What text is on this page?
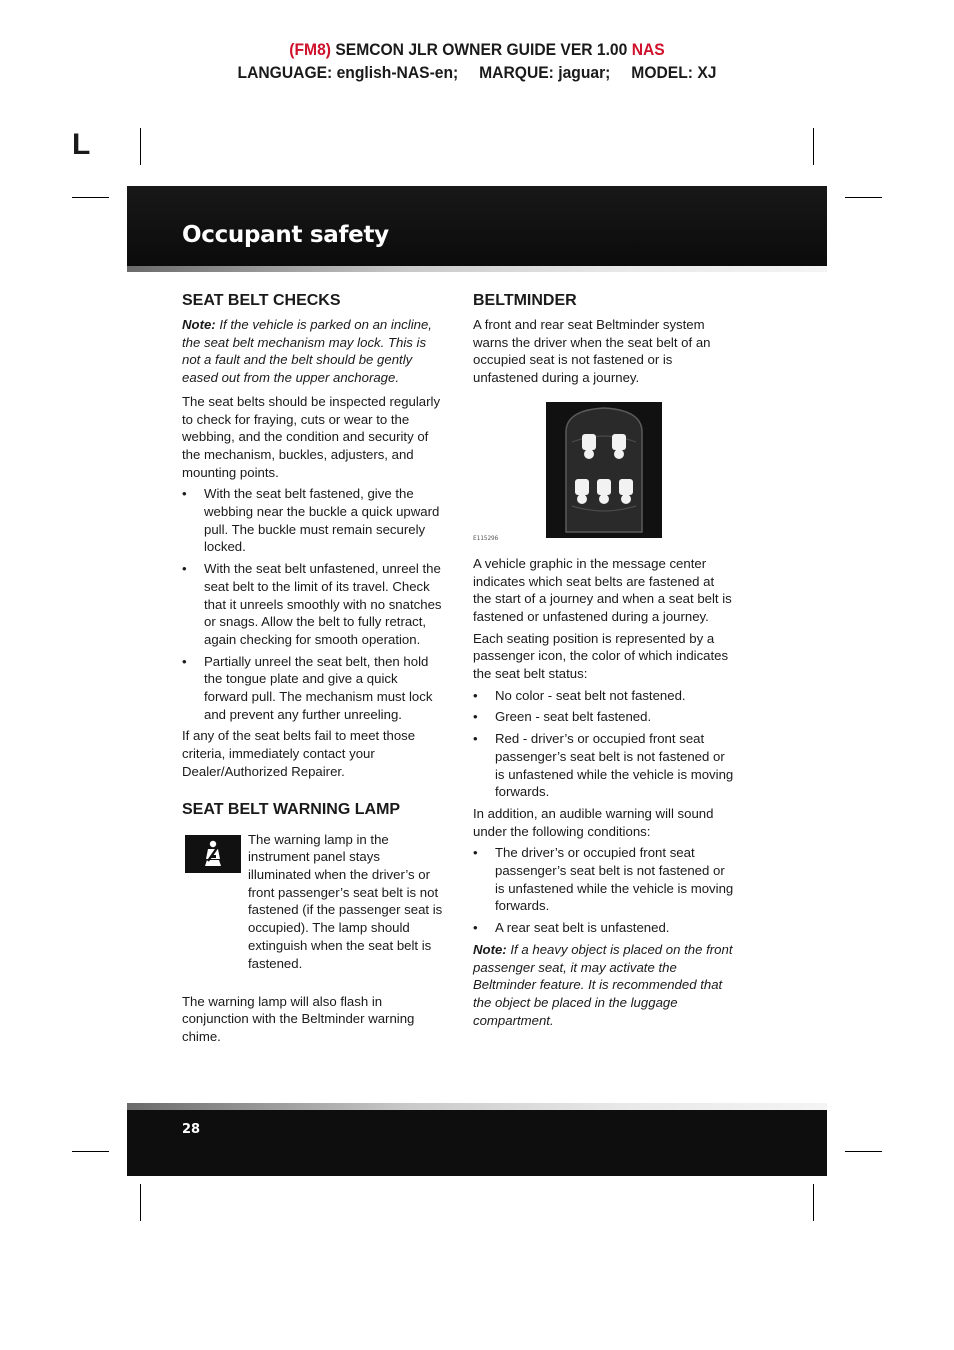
(FM8) SEMCON JLR OWNER GUIDE VER 1.00 NAS
LANGUAGE: english-NAS-en; MARQUE: jaguar; MODEL: XJ
L
Occupant safety
SEAT BELT CHECKS

Note: If the vehicle is parked on an incline, the seat belt mechanism may lock. This is not a fault and the belt should be gently eased out from the upper anchorage.

The seat belts should be inspected regularly to check for fraying, cuts or wear to the webbing, and the condition and security of the mechanism, buckles, adjusters, and mounting points.

• With the seat belt fastened, give the webbing near the buckle a quick upward pull. The buckle must remain securely locked.
• With the seat belt unfastened, unreel the seat belt to the limit of its travel. Check that it unreels smoothly with no snatches or snags. Allow the belt to fully retract, again checking for smooth operation.
• Partially unreel the seat belt, then hold the tongue plate and give a quick forward pull. The mechanism must lock and prevent any further unreeling.

If any of the seat belts fail to meet those criteria, immediately contact your Dealer/Authorized Repairer.

SEAT BELT WARNING LAMP
The warning lamp in the instrument panel stays illuminated when the driver’s or front passenger’s seat belt is not fastened (if the passenger seat is occupied). The lamp should extinguish when the seat belt is fastened.

The warning lamp will also flash in conjunction with the Beltminder warning chime.

BELTMINDER

A front and rear seat Beltminder system warns the driver when the seat belt of an occupied seat is not fastened or is unfastened during a journey.

E115296

A vehicle graphic in the message center indicates which seat belts are fastened at the start of a journey and when a seat belt is fastened or unfastened during a journey.

Each seating position is represented by a passenger icon, the color of which indicates the seat belt status:

• No color - seat belt not fastened.
• Green - seat belt fastened.
• Red - driver’s or occupied front seat passenger’s seat belt is not fastened or is unfastened while the vehicle is moving forwards.

In addition, an audible warning will sound under the following conditions:

• The driver’s or occupied front seat passenger’s seat belt is not fastened or is unfastened while the vehicle is moving forwards.
• A rear seat belt is unfastened.

Note: If a heavy object is placed on the front passenger seat, it may activate the Beltminder feature. It is recommended that the object be placed in the luggage compartment.

28
